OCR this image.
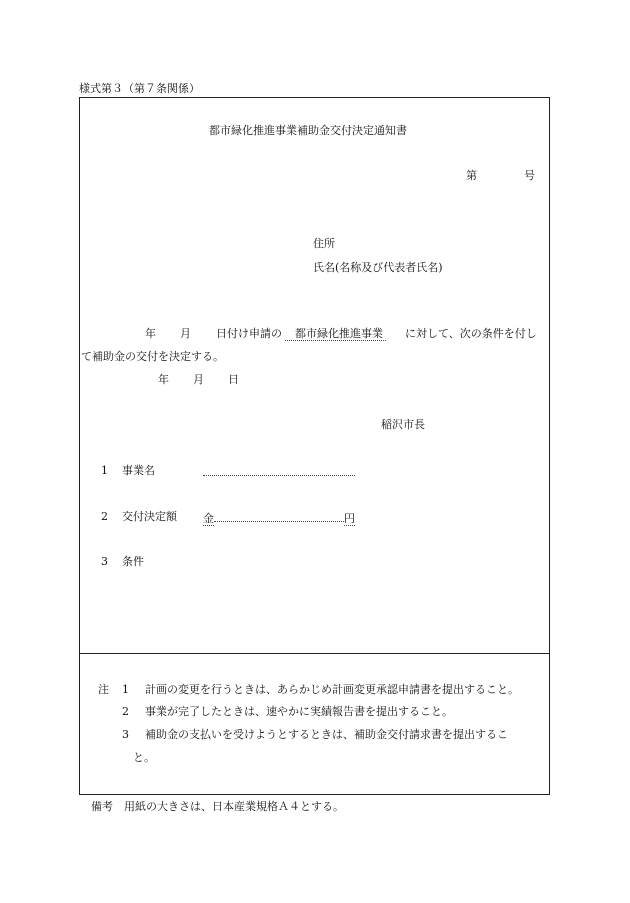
様式第３（第７条関係）
都市緑化推進事業補助金交付決定通知書
第	号
住所
氏名(名称及び代表者氏名)
年 月 日付け申請の	都市緑化推進事業 に対して、次の条件を付し
て補助金の交付を決定する。
年 月 日
稲沢市長
1 事業名
2 交付決定額 金	円
3 条件
注 1 計画の変更を行うときは、あらかじめ計画変更承認申請書を提出すること。
2 事業が完了したときは、速やかに実績報告書を提出すること。
3 補助金の支払いを受けようとするときは、補助金交付請求書を提出するこ
と。
備考 用紙の大きさは、日本産業規格Ａ４とする。
